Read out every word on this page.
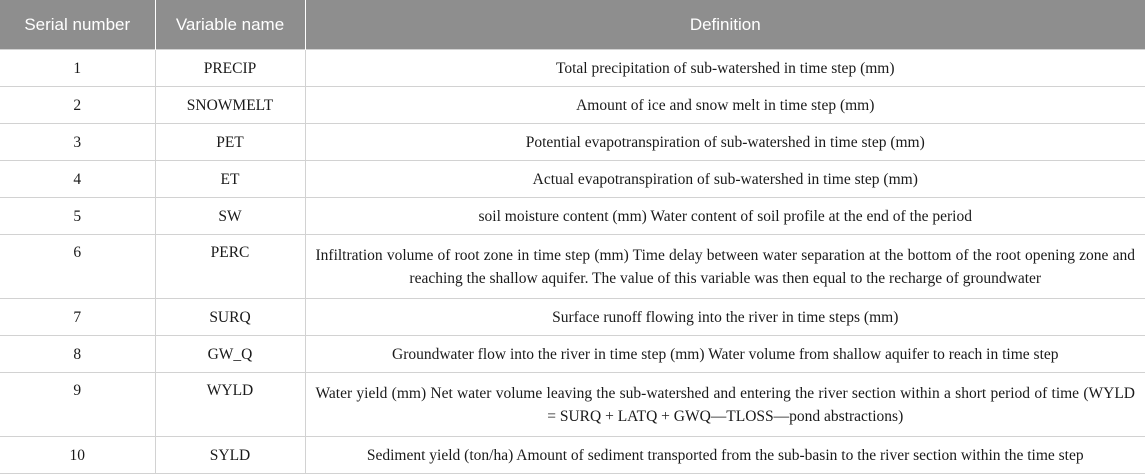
Serial number	Variable name	Definition
1	PRECIP	Total precipitation of sub-watershed in time step (mm)
2	SNOWMELT	Amount of ice and snow melt in time step (mm)
3	PET	Potential evapotranspiration of sub-watershed in time step (mm)
4	ET	Actual evapotranspiration of sub-watershed in time step (mm)
5	SW	soil moisture content (mm) Water content of soil profile at the end of the period
6	PERC	Infiltration volume of root zone in time step (mm) Time delay between water separation at the bottom of the root opening zone and reaching the shallow aquifer. The value of this variable was then equal to the recharge of groundwater
7	SURQ	Surface runoff flowing into the river in time steps (mm)
8	GW_Q	Groundwater flow into the river in time step (mm) Water volume from shallow aquifer to reach in time step
9	WYLD	Water yield (mm) Net water volume leaving the sub-watershed and entering the river section within a short period of time (WYLD = SURQ + LATQ + GWQ—TLOSS—pond abstractions)
10	SYLD	Sediment yield (ton/ha) Amount of sediment transported from the sub-basin to the river section within the time step
